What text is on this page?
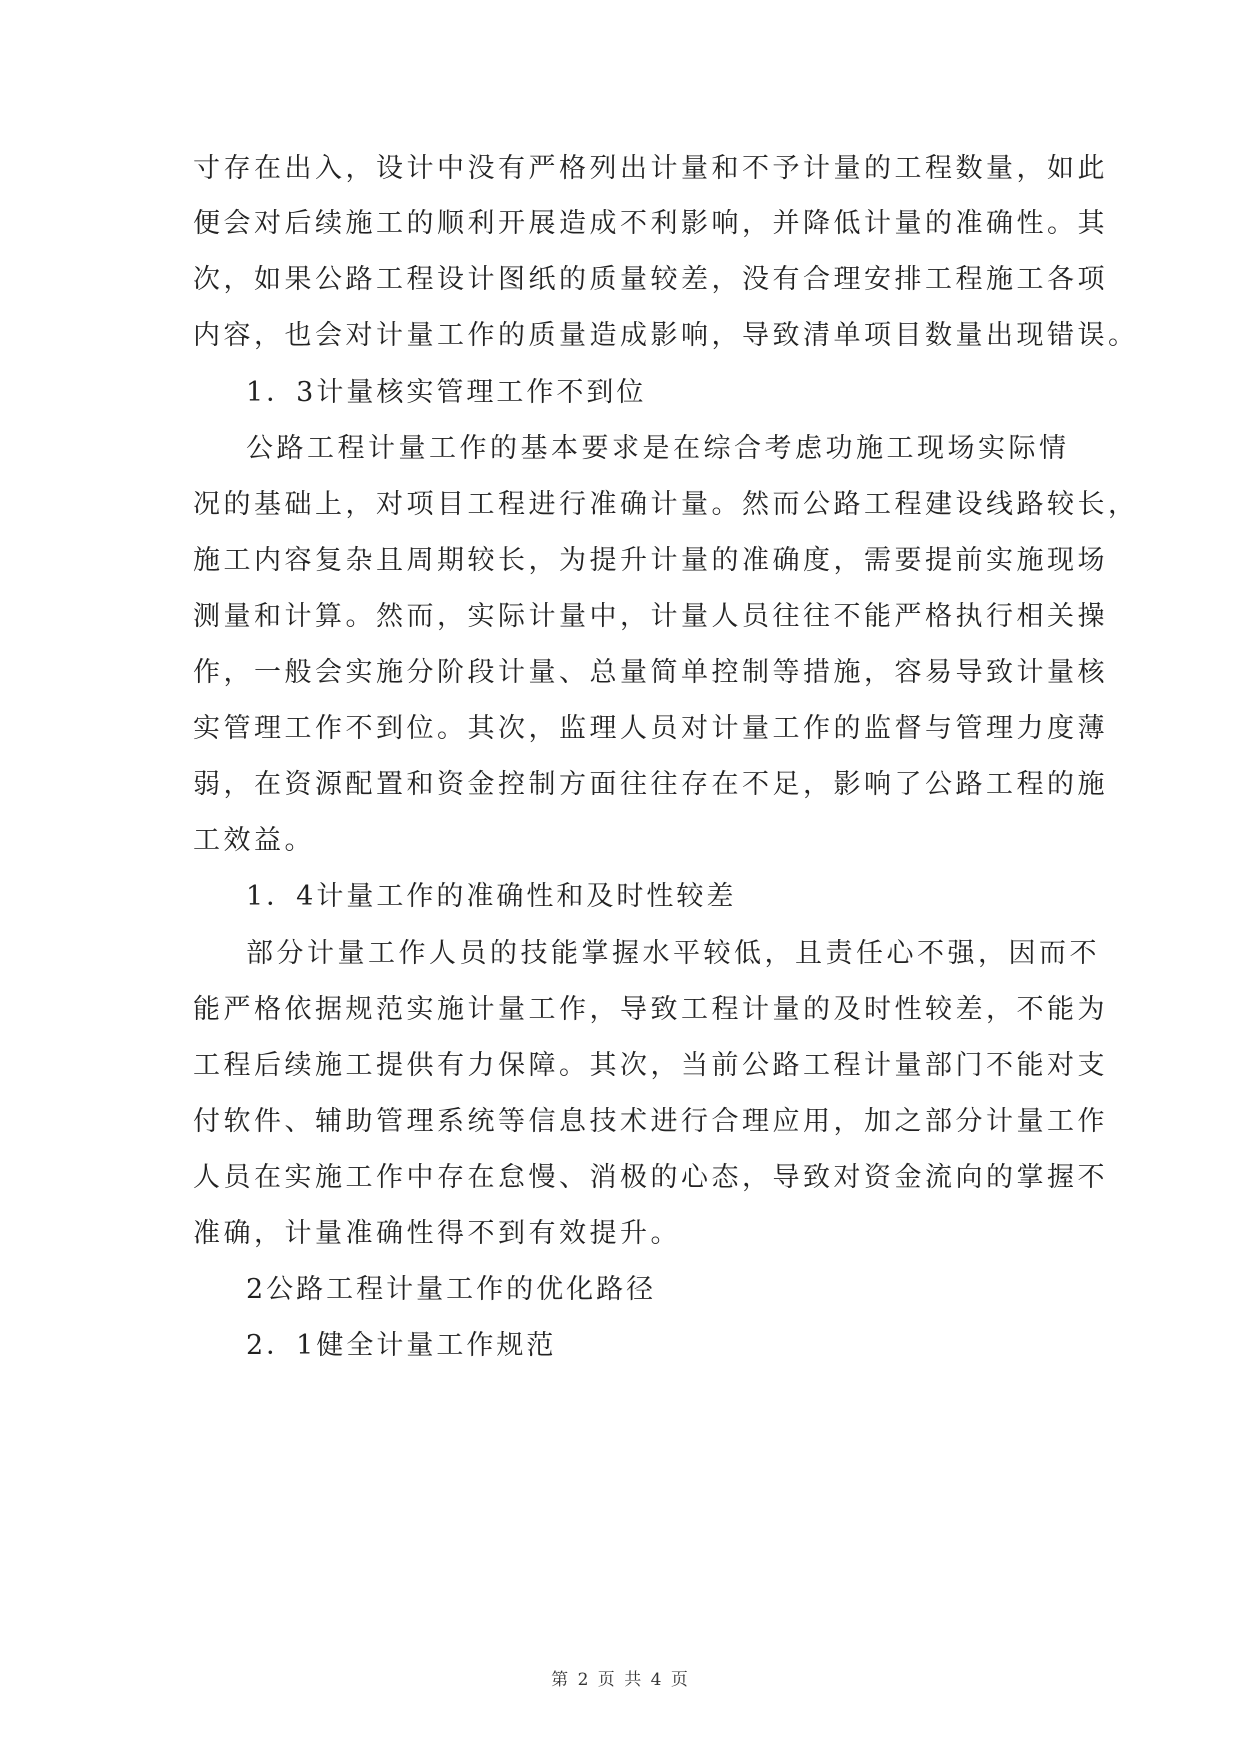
寸存在出入，设计中没有严格列出计量和不予计量的工程数量，如此
便会对后续施工的顺利开展造成不利影响，并降低计量的准确性。其
次，如果公路工程设计图纸的质量较差，没有合理安排工程施工各项
内容，也会对计量工作的质量造成影响，导致清单项目数量出现错误。
1．3计量核实管理工作不到位
公路工程计量工作的基本要求是在综合考虑功施工现场实际情
况的基础上，对项目工程进行准确计量。然而公路工程建设线路较长，
施工内容复杂且周期较长，为提升计量的准确度，需要提前实施现场
测量和计算。然而，实际计量中，计量人员往往不能严格执行相关操
作，一般会实施分阶段计量、总量简单控制等措施，容易导致计量核
实管理工作不到位。其次，监理人员对计量工作的监督与管理力度薄
弱，在资源配置和资金控制方面往往存在不足，影响了公路工程的施
工效益。
1．4计量工作的准确性和及时性较差
部分计量工作人员的技能掌握水平较低，且责任心不强，因而不
能严格依据规范实施计量工作，导致工程计量的及时性较差，不能为
工程后续施工提供有力保障。其次，当前公路工程计量部门不能对支
付软件、辅助管理系统等信息技术进行合理应用，加之部分计量工作
人员在实施工作中存在怠慢、消极的心态，导致对资金流向的掌握不
准确，计量准确性得不到有效提升。
2公路工程计量工作的优化路径
2．1健全计量工作规范
第 2 页 共 4 页
